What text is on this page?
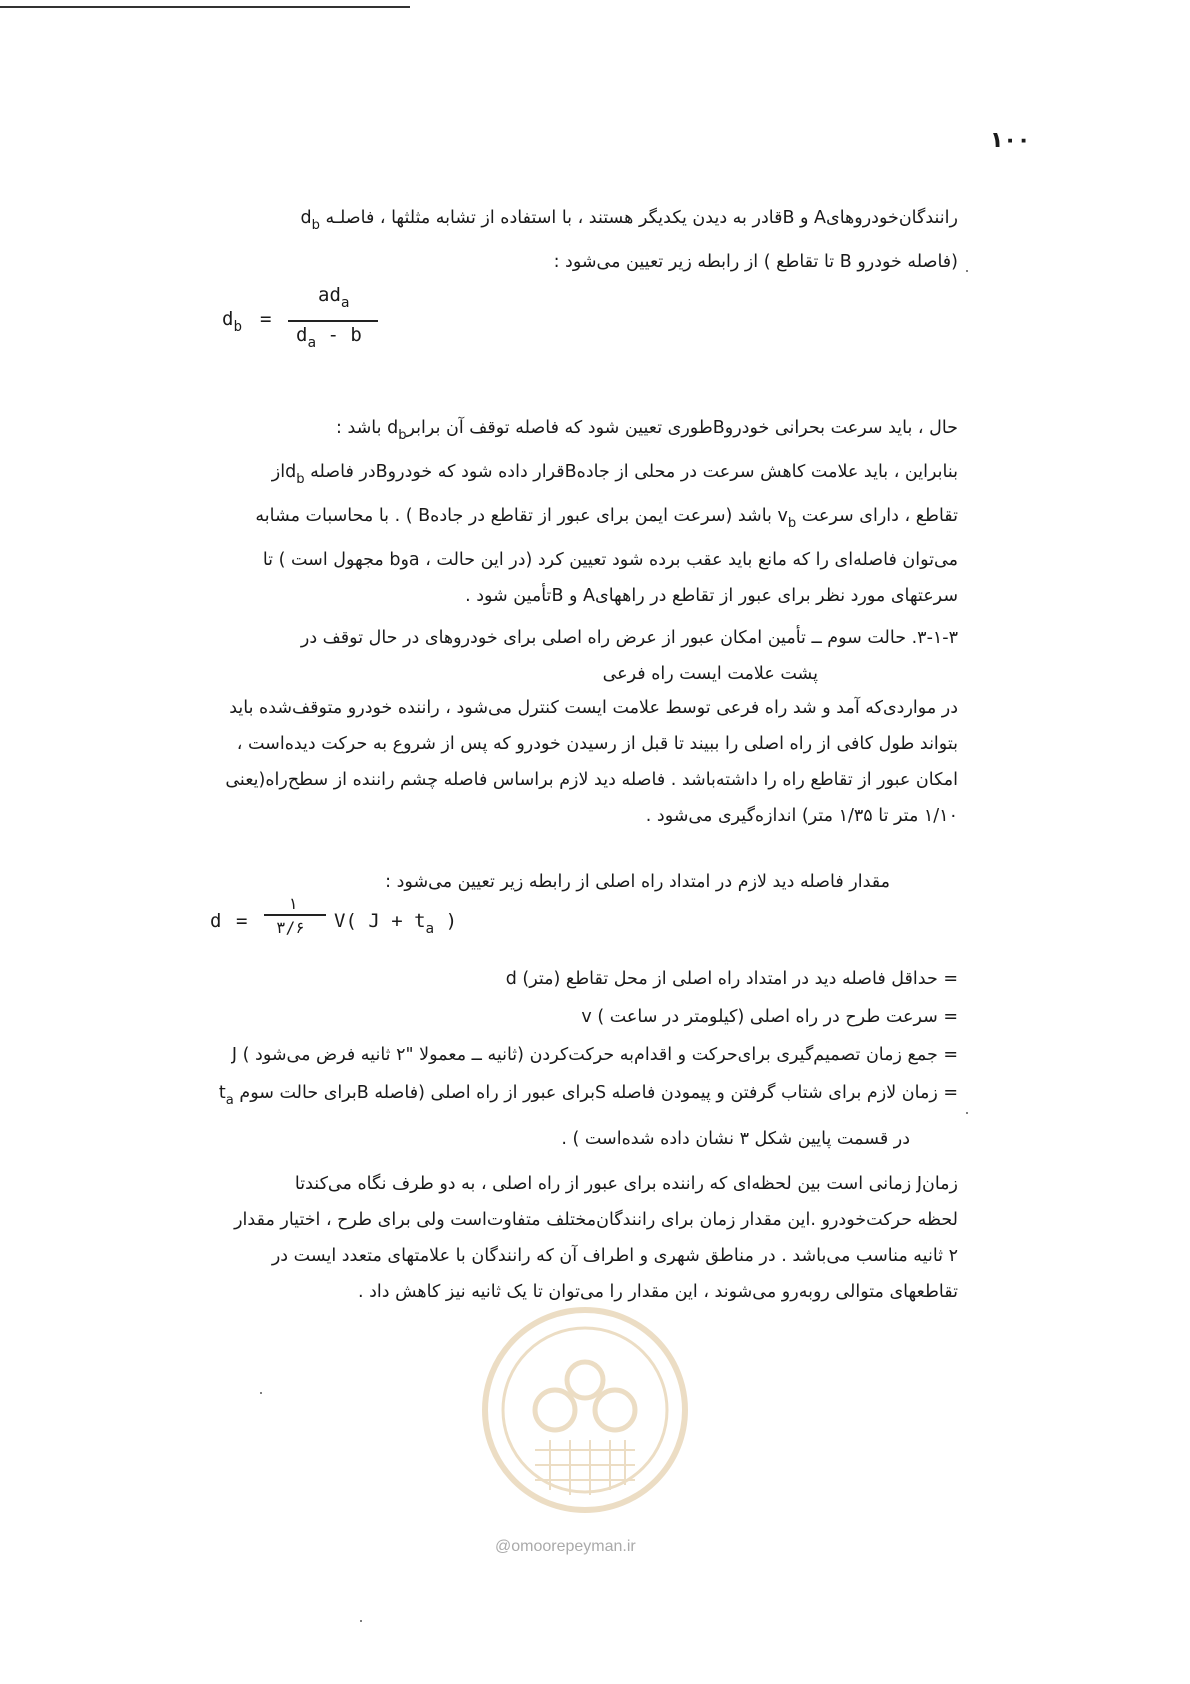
۱۰۰
رانندگان‌خودروهای‌A و Bقادر به دیدن یکدیگر هستند ، با استفاده از تشابه مثلثها ، فاصلـه $d_b$
(فاصله خودرو B تا تقاطع ) از رابطه زیر تعیین می‌شود :
$d_b$ =
$ad_a$
$d_a$ - b
حال ، باید سرعت بحرانی خودروBطوری تعیین شود که فاصله توقف آن برابرd$_b$ باشد :
بنابراین ، باید علامت کاهش سرعت در محلی از جاده‌Bقرار داده شود که خودروBدر فاصله $d_bاز$
تقاطع ، دارای سرعت $v_b$ باشد (سرعت ایمن برای عبور از تقاطع در جاده‌B ) . با محاسبات مشابه
می‌توان فاصله‌ای را که مانع باید عقب برده شود تعیین کرد (در این حالت ، aوb مجهول است ) تا
سرعتهای مورد نظر برای عبور از تقاطع در راههایA و Bتأمین شود .
۳-۱-۳. حالت سوم ــ تأمین امکان عبور از عرض راه اصلی برای خودروهای در حال توقف در
پشت علامت ایست راه فرعی
در مواردی‌که آمد و شد راه فرعی توسط علامت ایست کنترل می‌شود ، راننده خودرو متوقف‌شده باید
بتواند طول کافی از راه اصلی را ببیند تا قبل از رسیدن خودرو که پس از شروع به حرکت دیده‌است ،
امکان عبور از تقاطع راه را داشته‌باشد . فاصله دید لازم براساس فاصله چشم راننده از سطح‌راه(یعنی
۱/۱۰ متر تا ۱/۳۵ متر) اندازه‌گیری می‌شود .
مقدار فاصله دید لازم در امتداد راه اصلی از رابطه زیر تعیین می‌شود :
d =
۱
۳/۶ V( $J + t_a$ )
= حداقل فاصله دید در امتداد راه اصلی از محل تقاطع (متر) d
= سرعت طرح در راه اصلی (کیلومتر در ساعت ) v
= جمع زمان تصمیم‌گیری برای‌حرکت و اقدام‌به حرکت‌کردن (ثانیه ــ معمولا "۲ ثانیه فرض می‌شود ) J
= زمان لازم برای شتاب گرفتن و پیمودن فاصله Sبرای عبور از راه اصلی (فاصله Bبرای حالت سوم $t_a$
در قسمت پایین شکل ۳ نشان داده شده‌است ) .
زمانJ زمانی است بین لحظه‌ای که راننده برای عبور از راه اصلی ، به دو طرف نگاه می‌کندتا
لحظه حرکت‌خودرو .این مقدار زمان برای رانندگان‌مختلف متفاوت‌است ولی برای طرح ، اختیار مقدار
۲ ثانیه مناسب می‌باشد . در مناطق شهری و اطراف آن که رانندگان با علامتهای متعدد ایست در
تقاطعهای متوالی روبه‌رو می‌شوند ، این مقدار را می‌توان تا یک ثانیه نیز کاهش داد .
@omoorepeyman.ir
